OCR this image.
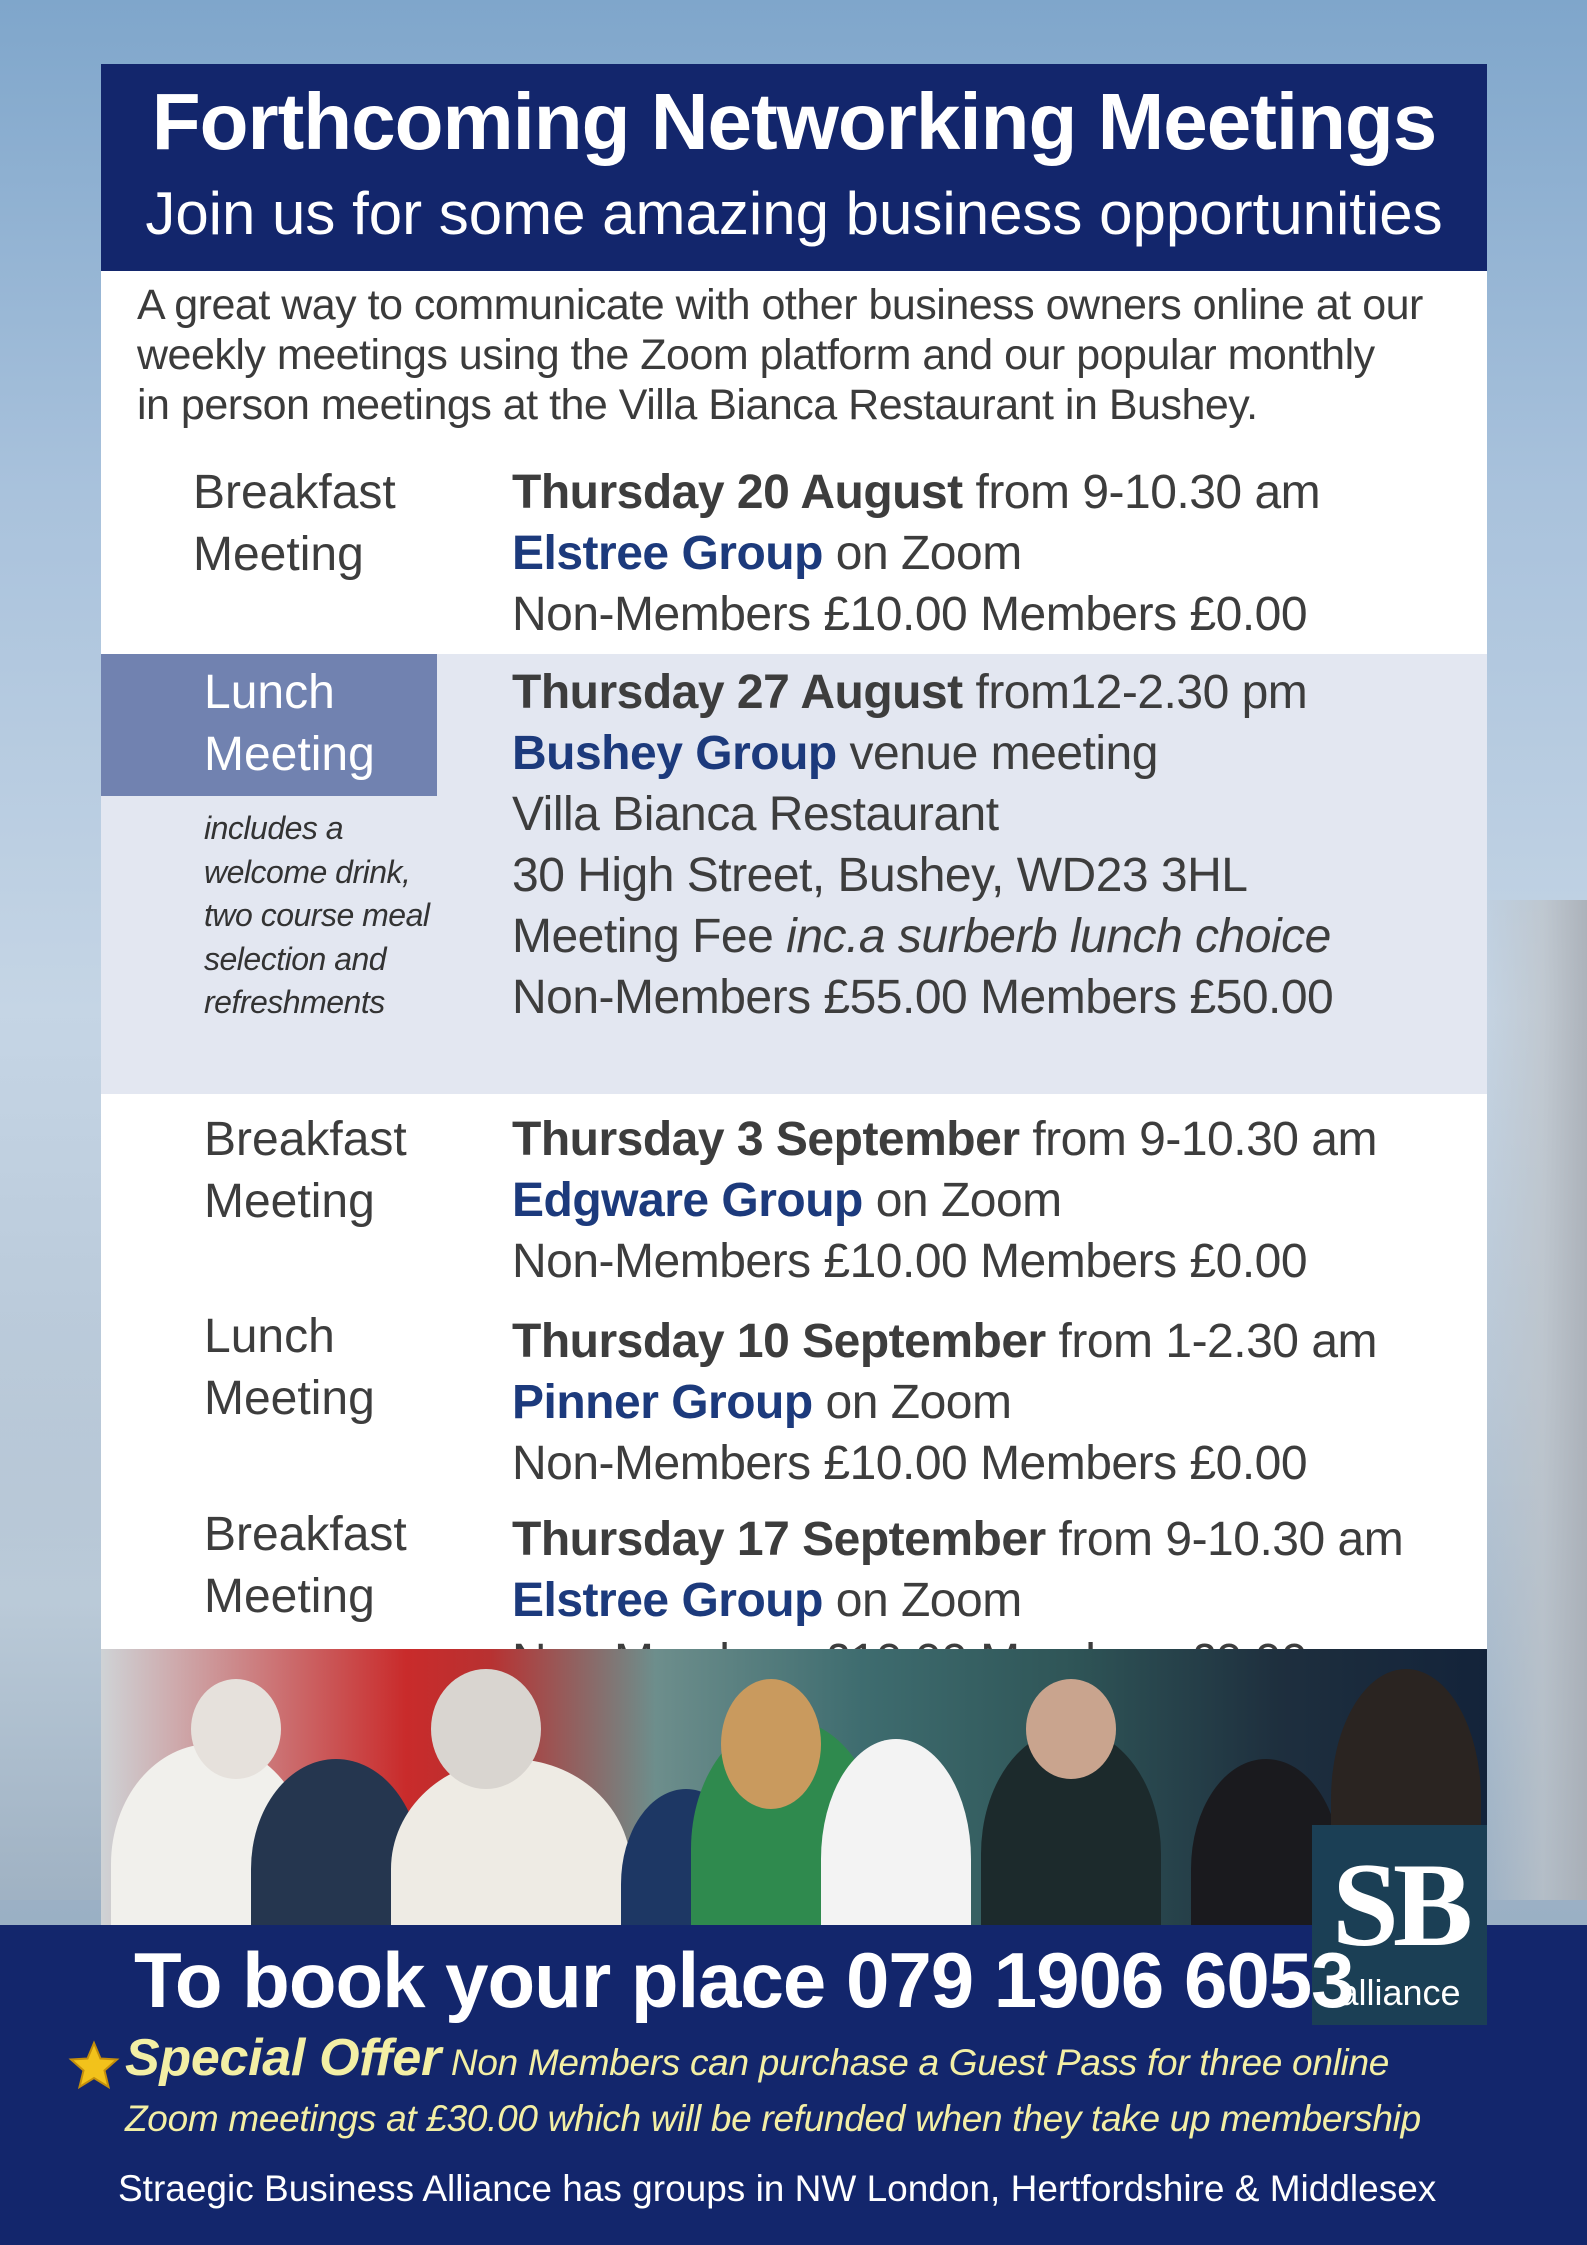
Forthcoming Networking Meetings
Join us for some amazing business opportunities
A great way to communicate with other business owners online at our
weekly meetings using the Zoom platform and our popular monthly
in person meetings at the Villa Bianca Restaurant in Bushey.
Breakfast
Meeting
Thursday 20 August from 9-10.30 am
Elstree Group on Zoom
Non-Members £10.00 Members £0.00
Lunch
Meeting
includes a
welcome drink,
two course meal
selection and
refreshments
Thursday 27 August from12-2.30 pm
Bushey Group venue meeting
Villa Bianca Restaurant
30 High Street, Bushey, WD23 3HL
Meeting Fee inc.a surberb lunch choice
Non-Members £55.00 Members £50.00
Breakfast
Meeting
Thursday 3 September from 9-10.30 am
Edgware Group on Zoom
Non-Members £10.00 Members £0.00
Lunch
Meeting
Thursday 10 September from 1-2.30 am
Pinner Group on Zoom
Non-Members £10.00 Members £0.00
Breakfast
Meeting
Thursday 17 September from 9-10.30 am
Elstree Group on Zoom
SB
alliance
To book your place 079 1906 6053
Special Offer Non Members can purchase a Guest Pass for three online
Zoom meetings at £30.00 which will be refunded when they take up membership
Straegic Business Alliance has groups in NW London, Hertfordshire & Middlesex
